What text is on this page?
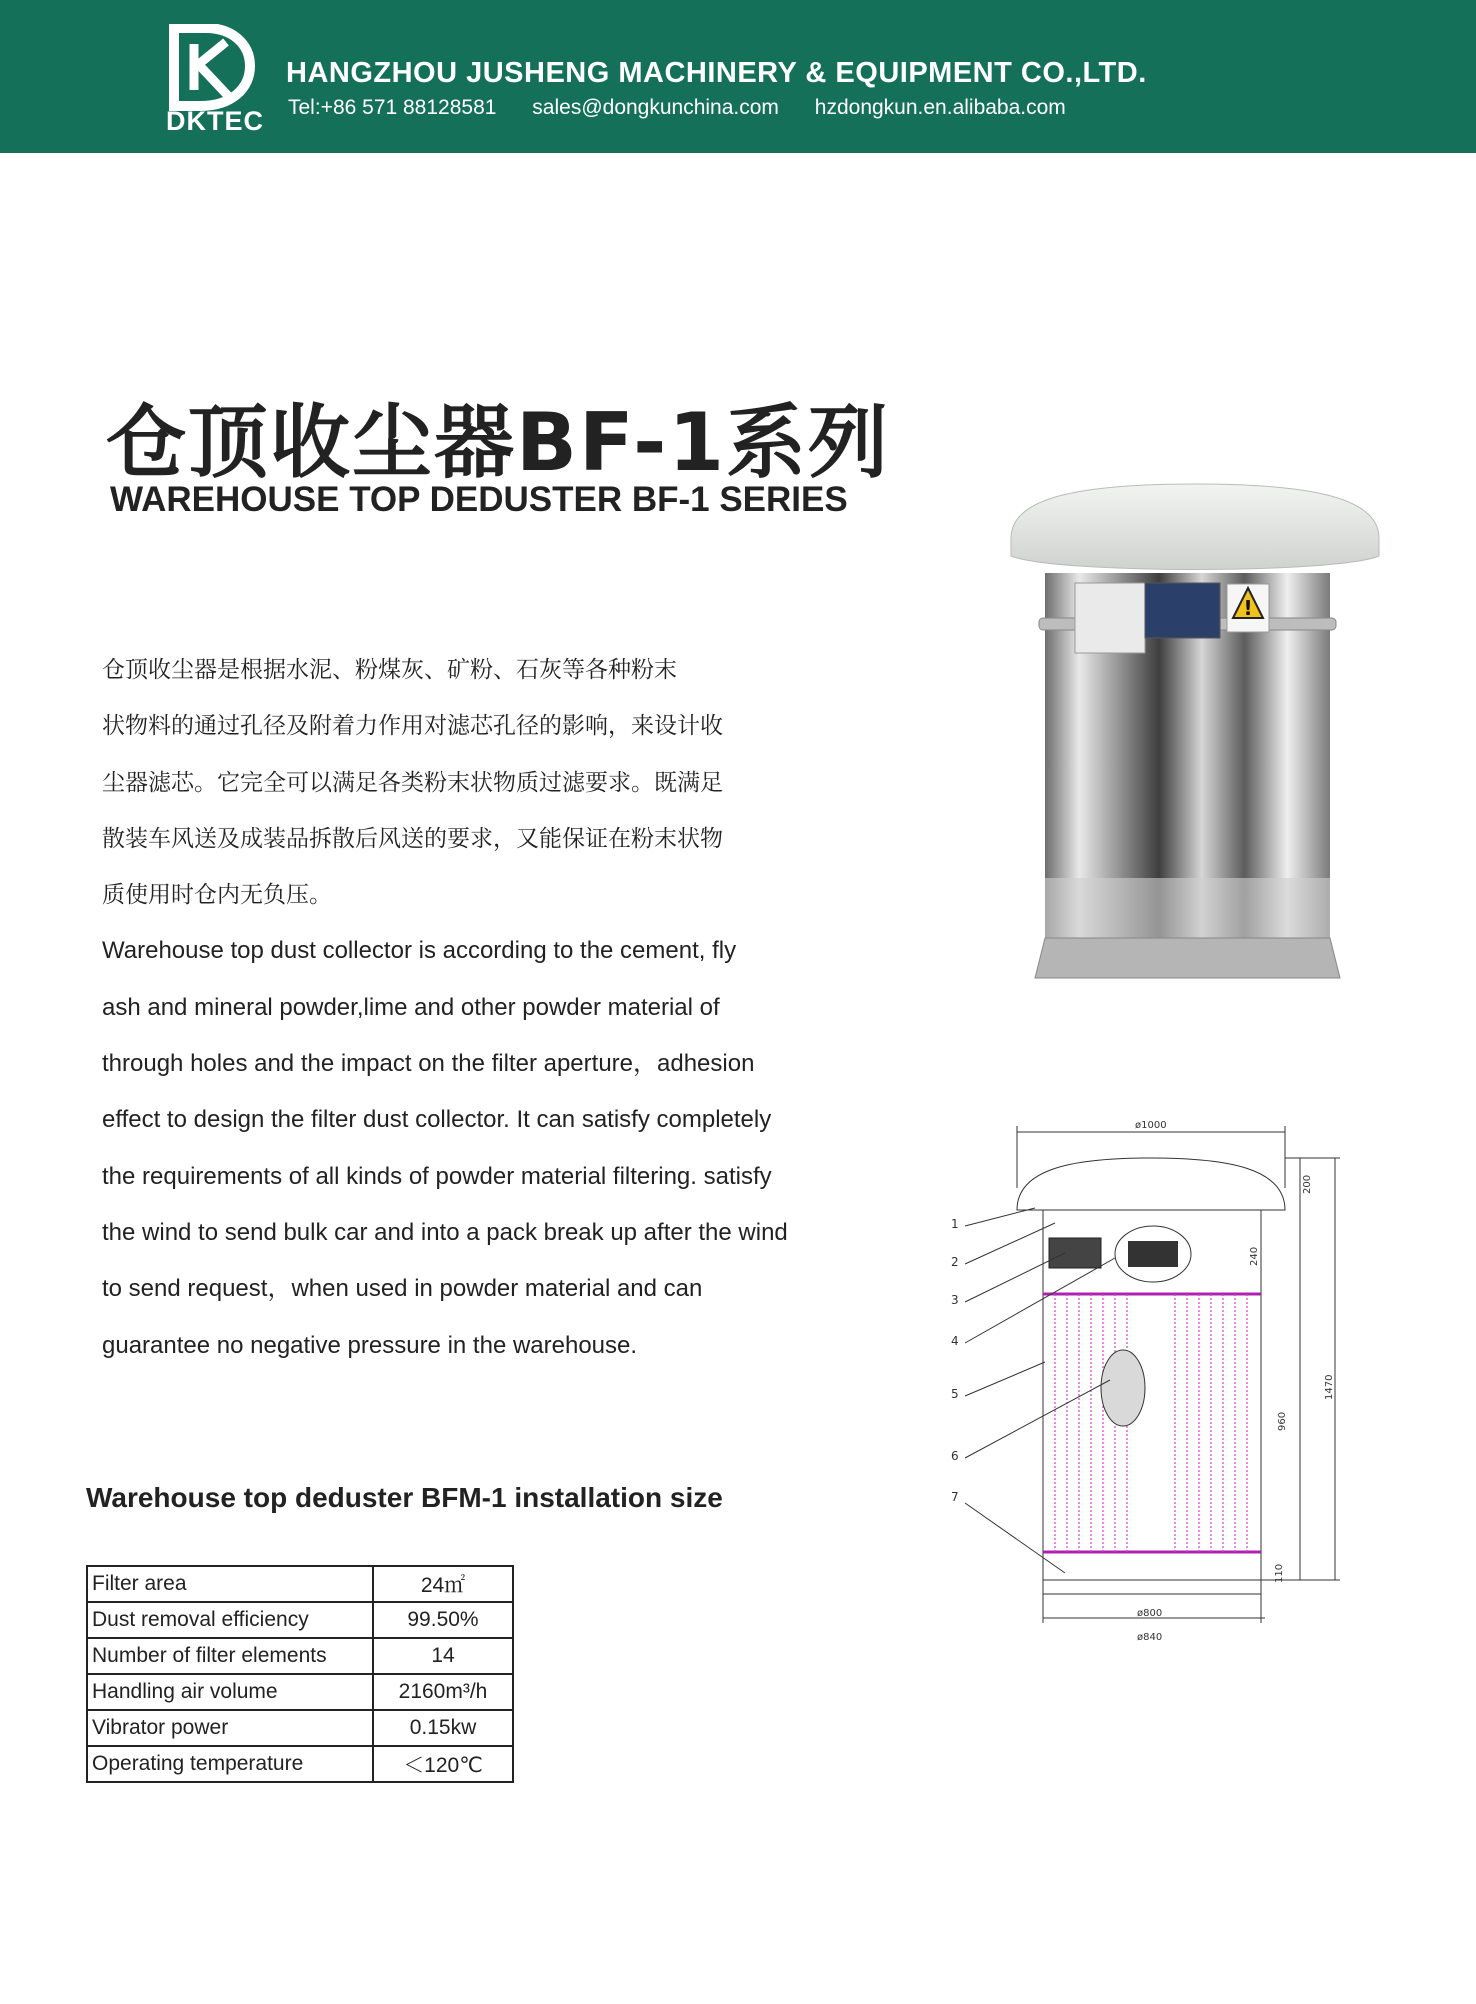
DKTEC
HANGZHOU JUSHENG MACHINERY & EQUIPMENT CO.,LTD.
Tel:+86 571 88128581 sales@dongkunchina.com hzdongkun.en.alibaba.com
仓顶收尘器BF-1系列
WAREHOUSE TOP DEDUSTER BF-1 SERIES
仓顶收尘器是根据水泥、粉煤灰、矿粉、石灰等各种粉末
状物料的通过孔径及附着力作用对滤芯孔径的影响，来设计收
尘器滤芯。它完全可以满足各类粉末状物质过滤要求。既满足
散装车风送及成装品拆散后风送的要求，又能保证在粉末状物
质使用时仓内无负压。
Warehouse top dust collector is according to the cement, fly
ash and mineral powder,lime and other powder material of
through holes and the impact on the filter aperture，adhesion
effect to design the filter dust collector. It can satisfy completely
the requirements of all kinds of powder material filtering. satisfy
the wind to send bulk car and into a pack break up after the wind
to send request，when used in powder material and can
guarantee no negative pressure in the warehouse.
!
1
2
3
4
5
6
7
ø1000
ø800
ø840
200
240
1470
960
110
Warehouse top deduster BFM-1 installation size
Filter area	24㎡
Dust removal efficiency	99.50%
Number of filter elements	14
Handling air volume	2160m³/h
Vibrator power	0.15kw
Operating temperature	＜120℃
